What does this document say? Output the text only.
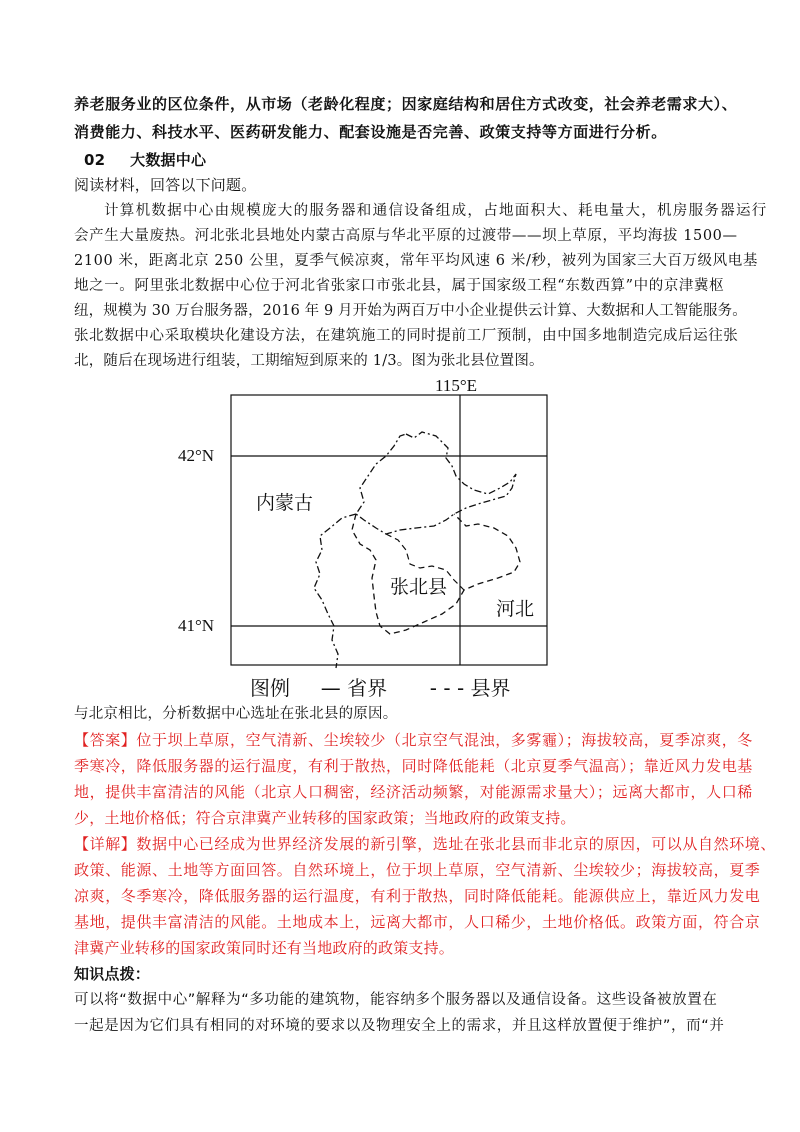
养老服务业的区位条件，从市场（老龄化程度；因家庭结构和居住方式改变，社会养老需求大）、
消费能力、科技水平、医药研发能力、配套设施是否完善、政策支持等方面进行分析。
02 大数据中心
阅读材料，回答以下问题。
计算机数据中心由规模庞大的服务器和通信设备组成，占地面积大、耗电量大，机房服务器运行
会产生大量废热。河北张北县地处内蒙古高原与华北平原的过渡带——坝上草原，平均海拔 1500—
2100 米，距离北京 250 公里，夏季气候凉爽，常年平均风速 6 米/秒，被列为国家三大百万级风电基
地之一。阿里张北数据中心位于河北省张家口市张北县，属于国家级工程“东数西算”中的京津冀枢
纽，规模为 30 万台服务器，2016 年 9 月开始为两百万中小企业提供云计算、大数据和人工智能服务。
张北数据中心采取模块化建设方法，在建筑施工的同时提前工厂预制，由中国多地制造完成后运往张
北，随后在现场进行组装，工期缩短到原来的 1/3。图为张北县位置图。
115°E
42°N
41°N
内蒙古
张北县
河北
图例 — 省界 - - - 县界
与北京相比，分析数据中心选址在张北县的原因。
【答案】位于坝上草原，空气清新、尘埃较少（北京空气混浊，多雾霾）；海拔较高，夏季凉爽，冬
季寒冷，降低服务器的运行温度，有利于散热，同时降低能耗（北京夏季气温高）；靠近风力发电基
地，提供丰富清洁的风能（北京人口稠密，经济活动频繁，对能源需求量大）；远离大都市，人口稀
少，土地价格低；符合京津冀产业转移的国家政策；当地政府的政策支持。
【详解】数据中心已经成为世界经济发展的新引擎，选址在张北县而非北京的原因，可以从自然环境、
政策、能源、土地等方面回答。自然环境上，位于坝上草原，空气清新、尘埃较少；海拔较高，夏季
凉爽，冬季寒冷，降低服务器的运行温度，有利于散热，同时降低能耗。能源供应上，靠近风力发电
基地，提供丰富清洁的风能。土地成本上，远离大都市，人口稀少，土地价格低。政策方面，符合京
津冀产业转移的国家政策同时还有当地政府的政策支持。
知识点拨：
可以将“数据中心”解释为“多功能的建筑物，能容纳多个服务器以及通信设备。这些设备被放置在
一起是因为它们具有相同的对环境的要求以及物理安全上的需求，并且这样放置便于维护”，而“并
